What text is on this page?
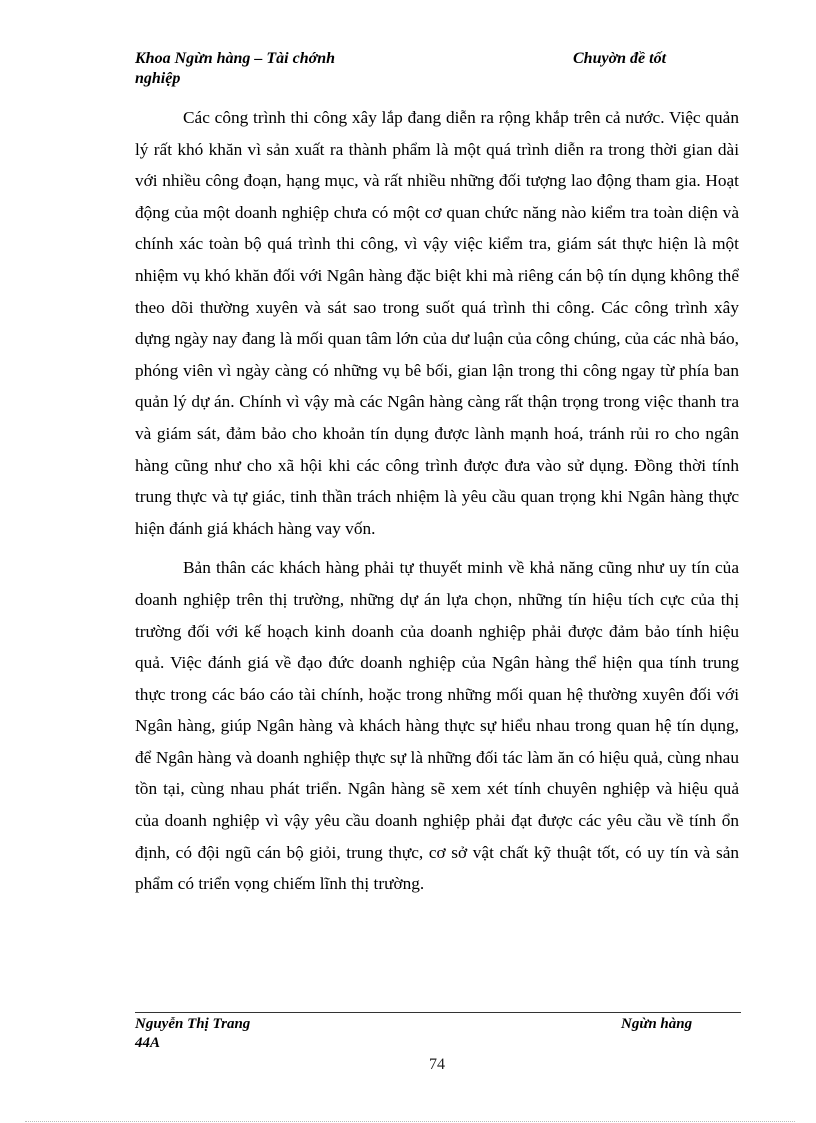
Khoa Ngừn hàng – Tài chớnh
nghiệp
Chuyờn đề tốt

Các công trình thi công xây lắp đang diễn ra rộng khắp trên cả nước. Việc quản lý rất khó khăn vì sản xuất ra thành phẩm là một quá trình diễn ra trong thời gian dài với nhiều công đoạn, hạng mục, và rất nhiều những đối tượng lao động tham gia. Hoạt động của một doanh nghiệp chưa có một cơ quan chức năng nào kiểm tra toàn diện và chính xác toàn bộ quá trình thi công, vì vậy việc kiểm tra, giám sát thực hiện là một nhiệm vụ khó khăn đối với Ngân hàng đặc biệt khi mà riêng cán bộ tín dụng không thể theo dõi thường xuyên và sát sao trong suốt quá trình thi công. Các công trình xây dựng ngày nay đang là mối quan tâm lớn của dư luận của công chúng, của các nhà báo, phóng viên vì ngày càng có những vụ bê bối, gian lận trong thi công ngay từ phía ban quản lý dự án. Chính vì vậy mà các Ngân hàng càng rất thận trọng trong việc thanh tra và giám sát, đảm bảo cho khoản tín dụng được lành mạnh hoá, tránh rủi ro cho ngân hàng cũng như cho xã hội khi các công trình được đưa vào sử dụng. Đồng thời tính trung thực và tự giác, tinh thần trách nhiệm là yêu cầu quan trọng khi Ngân hàng thực hiện đánh giá khách hàng vay vốn.

Bản thân các khách hàng phải tự thuyết minh về khả năng cũng như uy tín của doanh nghiệp trên thị trường, những dự án lựa chọn, những tín hiệu tích cực của thị trường đối với kế hoạch kinh doanh của doanh nghiệp phải được đảm bảo tính hiệu quả. Việc đánh giá về đạo đức doanh nghiệp của Ngân hàng thể hiện qua tính trung thực trong các báo cáo tài chính, hoặc trong những mối quan hệ thường xuyên đối với Ngân hàng, giúp Ngân hàng và khách hàng thực sự hiểu nhau trong quan hệ tín dụng, để Ngân hàng và doanh nghiệp thực sự là những đối tác làm ăn có hiệu quả, cùng nhau tồn tại, cùng nhau phát triển. Ngân hàng sẽ xem xét tính chuyên nghiệp và hiệu quả của doanh nghiệp vì vậy yêu cầu doanh nghiệp phải đạt được các yêu cầu về tính ổn định, có đội ngũ cán bộ giỏi, trung thực, cơ sở vật chất kỹ thuật tốt, có uy tín và sản phẩm có triển vọng chiếm lĩnh thị trường.

Nguyễn Thị Trang
44A
Ngừn hàng
74
